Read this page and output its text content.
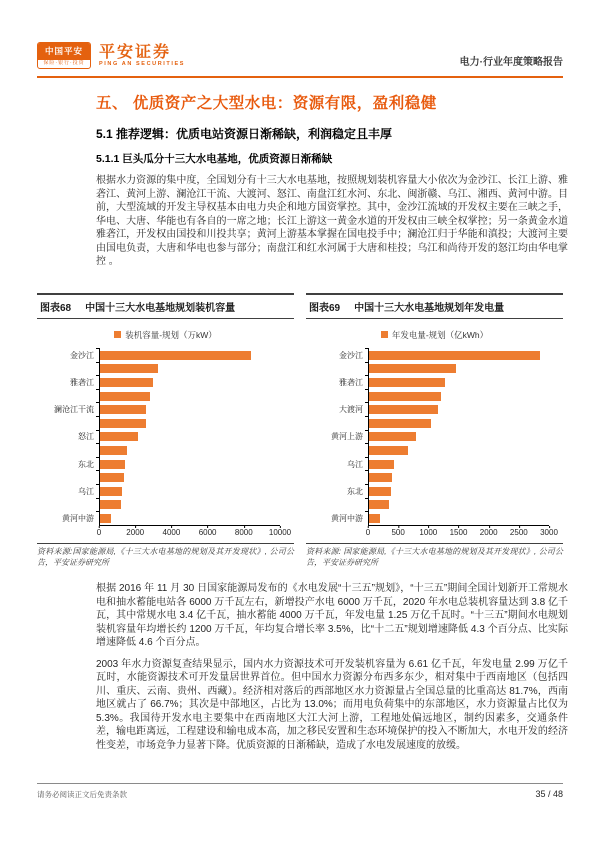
中国平安
保险·银行·投资
平安证券
PING AN SECURITIES	电力·行业年度策略报告
五、 优质资产之大型水电：资源有限，盈利稳健
5.1 推荐逻辑：优质电站资源日渐稀缺，利润稳定且丰厚
5.1.1 巨头瓜分十三大水电基地，优质资源日渐稀缺

根据水力资源的集中度，全国划分有十三大水电基地，按照规划装机容量大小依次为金沙江、长江上游、雅砻江、黄河上游、澜沧江干流、大渡河、怒江、南盘江红水河、东北、闽浙赣、乌江、湘西、黄河中游。目前，大型流域的开发主导权基本由电力央企和地方国资掌控。其中，金沙江流域的开发权主要在三峡之手，华电、大唐、华能也有各自的一席之地；长江上游这一黄金水道的开发权由三峡全权掌控；另一条黄金水道雅砻江，开发权由国投和川投共享；黄河上游基本掌握在国电投手中；澜沧江归于华能和滇投；大渡河主要由国电负责，大唐和华电也参与部分；南盘江和红水河属于大唐和桂投；乌江和尚待开发的怒江均由华电掌控 。

图表68 中国十三大水电基地规划装机容量
装机容量-规划（万kW）
金沙江
雅砻江
澜沧江干流
怒江
东北
乌江
黄河中游
0	2000 4000 6000 8000 10000
资料来源:国家能源局,《十三大水电基地的规划及其开发现状》, 公司公告，平安证券研究所
图表69 中国十三大水电基地规划年发电量
年发电量-规划（亿kWh）
金沙江
雅砻江
大渡河
黄河上游
乌江
东北
黄河中游
0	500 1000 1500 2000 2500 3000
资料来源: 国家能源局,《十三大水电基地的规划及其开发现状》, 公司公告，平安证券研究所

根据 2016 年 11 月 30 日国家能源局发布的《水电发展“十三五”规划》，“十三五”期间全国计划新开工常规水电和抽水蓄能电站各 6000 万千瓦左右，新增投产水电 6000 万千瓦，2020 年水电总装机容量达到 3.8 亿千瓦，其中常规水电 3.4 亿千瓦，抽水蓄能 4000 万千瓦，年发电量 1.25 万亿千瓦时。“十三五”期间水电规划装机容量年均增长约 1200 万千瓦，年均复合增长率 3.5%，比“十二五”规划增速降低 4.3 个百分点、比实际增速降低 4.6 个百分点。

2003 年水力资源复查结果显示，国内水力资源技术可开发装机容量为 6.61 亿千瓦，年发电量 2.99 万亿千瓦时，水能资源技术可开发量居世界首位。但中国水力资源分布西多东少，相对集中于西南地区（包括四川、重庆、云南、贵州、西藏）。经济相对落后的西部地区水力资源量占全国总量的比重高达 81.7%，西南地区就占了 66.7%；其次是中部地区，占比为 13.0%；而用电负荷集中的东部地区，水力资源量占比仅为 5.3%。我国待开发水电主要集中在西南地区大江大河上游，工程地处偏远地区，制约因素多，交通条件差，输电距离远，工程建设和输电成本高，加之移民安置和生态环境保护的投入不断加大，水电开发的经济性变差，市场竞争力显著下降。优质资源的日渐稀缺，造成了水电发展速度的放缓。

请务必阅读正文后免责条款	35 / 48
